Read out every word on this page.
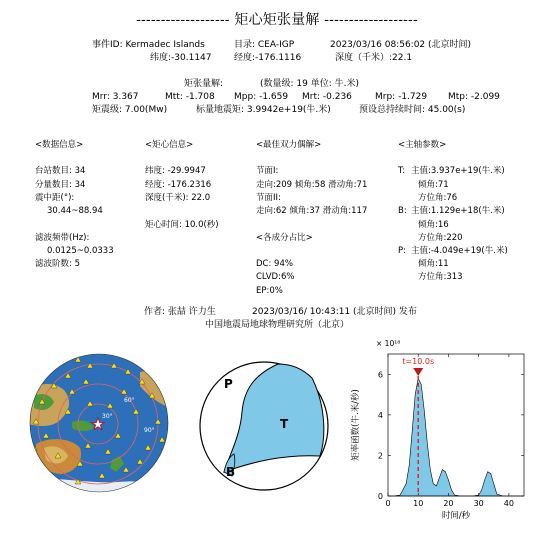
------------------- 矩心矩张量解 -------------------
事件ID: Kermadec Islands	目录: CEA-IGP	2023/03/16 08:56:02 (北京时间)
纬度:-30.1147	经度:-176.1116	深度（千米）:22.1
矩张量解:	(数量级: 19 单位: 牛.米)
Mrr: 3.367	Mtt: -1.708 Mpp: -1.659 Mrt: -0.236	Mrp: -1.729 Mtp: -2.099
矩震级: 7.00(Mw)	标量地震矩: 3.9942e+19(牛.米)	预设总持续时间: 45.00(s)
<数据信息>
台站数目: 34
分量数目: 34
震中距(°):
30.44~88.94
滤波频带(Hz):
0.0125~0.0333
滤波阶数: 5
<矩心信息>
纬度: -29.9947
经度: -176.2316
深度(千米): 22.0
矩心时间: 10.0(秒)
<最佳双力偶解>
节面I:
走向:209 倾角:58 滑动角:71
节面II:
走向:62 倾角:37 滑动角:117
<各成分占比>
DC: 94%
CLVD:6%
EP:0%
<主轴参数>
T: 主值:3.937e+19(牛.米)
倾角:71
方位角:76
B: 主值:1.129e+18(牛.米)
倾角:16
方位角:220
P: 主值:-4.049e+19(牛.米)
倾角:11
方位角:313
作者: 张喆 许力生	2023/03/16/ 10:43:11 (北京时间) 发布
中国地震局地球物理研究所（北京）
30°
60°
90°
P
T
B
× 10¹⁸
矩率函数(牛.米/秒)
时间/秒
0	10	20	30	40
0
2
4
6
t=10.0s
